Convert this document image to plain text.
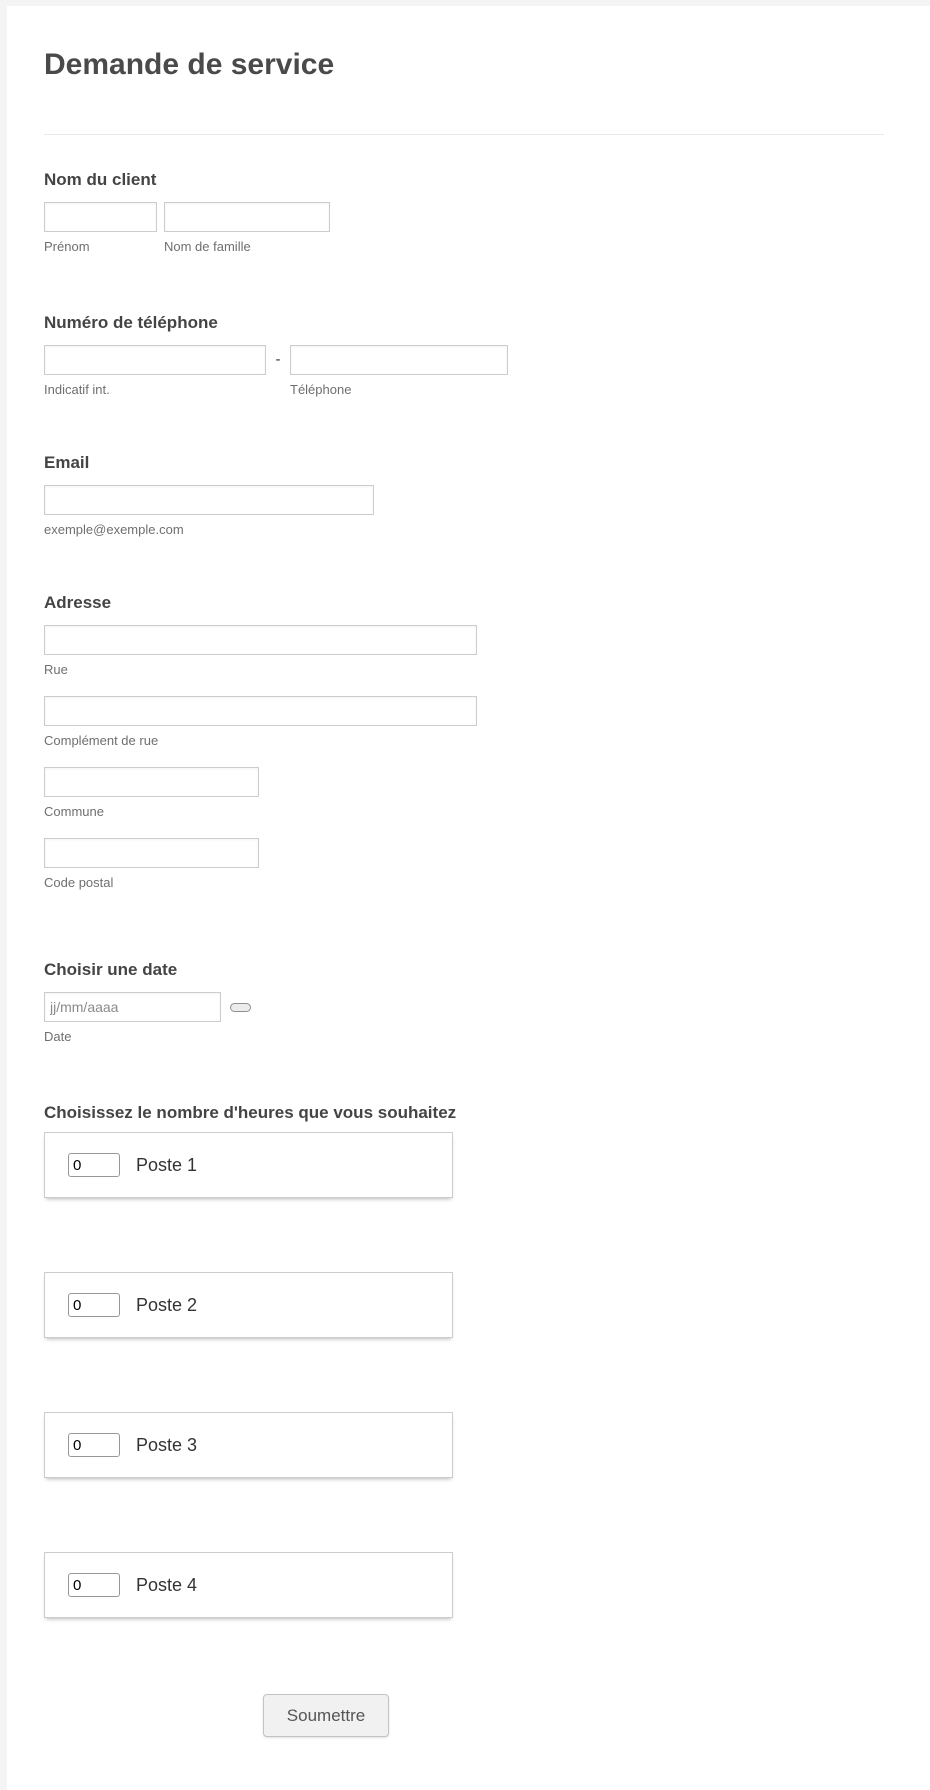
Demande de service
Nom du client
Prénom	Nom de famille
Numéro de téléphone
Indicatif int.
-
Téléphone
Email
exemple@exemple.com
Adresse
Rue
Complément de rue
Commune
Code postal
Choisir une date
jj/mm/aaaa
Date
Choisissez le nombre d'heures que vous souhaitez
0
Poste 1
0
Poste 2
0
Poste 3
0
Poste 4
Soumettre
